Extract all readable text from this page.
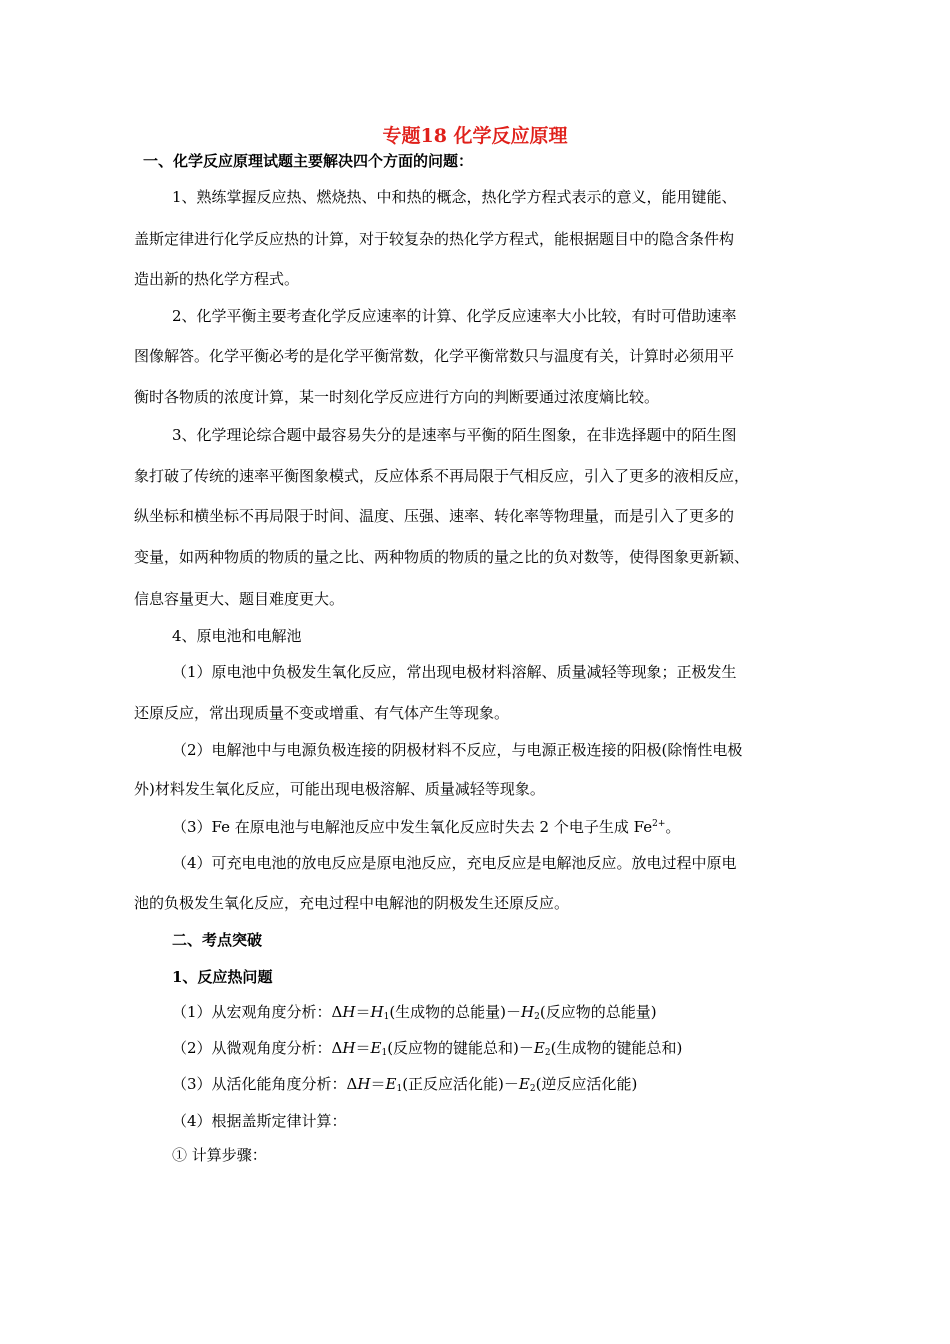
专题18 化学反应原理
一、化学反应原理试题主要解决四个方面的问题：
1、熟练掌握反应热、燃烧热、中和热的概念，热化学方程式表示的意义，能用键能、
盖斯定律进行化学反应热的计算，对于较复杂的热化学方程式，能根据题目中的隐含条件构
造出新的热化学方程式。
2、化学平衡主要考查化学反应速率的计算、化学反应速率大小比较，有时可借助速率
图像解答。化学平衡必考的是化学平衡常数，化学平衡常数只与温度有关，计算时必须用平
衡时各物质的浓度计算，某一时刻化学反应进行方向的判断要通过浓度熵比较。
3、化学理论综合题中最容易失分的是速率与平衡的陌生图象，在非选择题中的陌生图
象打破了传统的速率平衡图象模式，反应体系不再局限于气相反应，引入了更多的液相反应，
纵坐标和横坐标不再局限于时间、温度、压强、速率、转化率等物理量，而是引入了更多的
变量，如两种物质的物质的量之比、两种物质的物质的量之比的负对数等，使得图象更新颖、
信息容量更大、题目难度更大。
4、原电池和电解池
（1）原电池中负极发生氧化反应，常出现电极材料溶解、质量减轻等现象；正极发生
还原反应，常出现质量不变或增重、有气体产生等现象。
（2）电解池中与电源负极连接的阴极材料不反应，与电源正极连接的阳极(除惰性电极
外)材料发生氧化反应，可能出现电极溶解、质量减轻等现象。
（3）Fe 在原电池与电解池反应中发生氧化反应时失去 2 个电子生成 $Fe^{2+}$。
（4）可充电电池的放电反应是原电池反应，充电反应是电解池反应。放电过程中原电
池的负极发生氧化反应，充电过程中电解池的阴极发生还原反应。
二、考点突破
1、反应热问题
（1）从宏观角度分析：$\Delta H=H_1$(生成物的总能量)$-H_2$(反应物的总能量)
（2）从微观角度分析：$\Delta H=E_1$(反应物的键能总和)$-E_2$(生成物的键能总和)
（3）从活化能角度分析：$\Delta H=E_1$(正反应活化能)$-E_2$(逆反应活化能)
（4）根据盖斯定律计算：
① 计算步骤：
